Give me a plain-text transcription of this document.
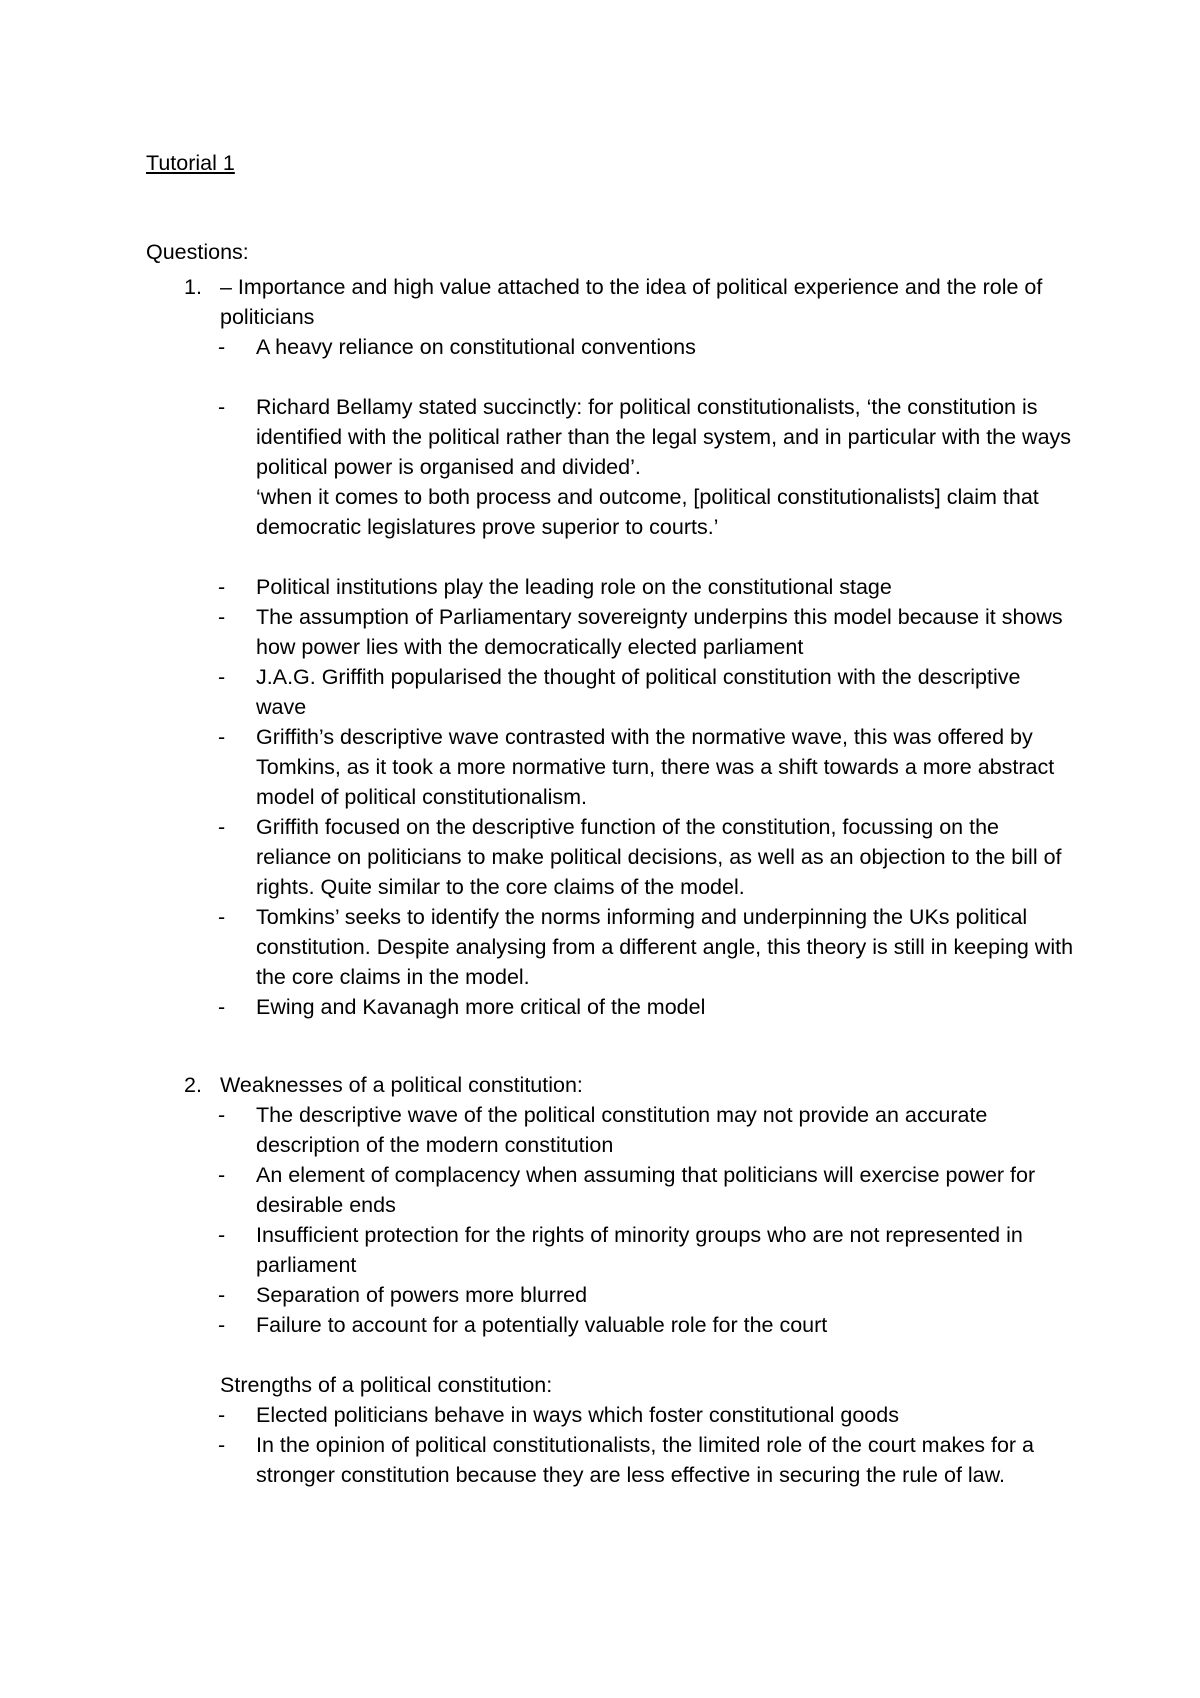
Tutorial 1

Questions:

1. – Importance and high value attached to the idea of political experience and the role of politicians
- A heavy reliance on constitutional conventions
- Richard Bellamy stated succinctly: for political constitutionalists, ‘the constitution is identified with the political rather than the legal system, and in particular with the ways political power is organised and divided’.
‘when it comes to both process and outcome, [political constitutionalists] claim that democratic legislatures prove superior to courts.’
- Political institutions play the leading role on the constitutional stage
- The assumption of Parliamentary sovereignty underpins this model because it shows how power lies with the democratically elected parliament
- J.A.G. Griffith popularised the thought of political constitution with the descriptive wave
- Griffith’s descriptive wave contrasted with the normative wave, this was offered by Tomkins, as it took a more normative turn, there was a shift towards a more abstract model of political constitutionalism.
- Griffith focused on the descriptive function of the constitution, focussing on the reliance on politicians to make political decisions, as well as an objection to the bill of rights. Quite similar to the core claims of the model.
- Tomkins’ seeks to identify the norms informing and underpinning the UKs political constitution. Despite analysing from a different angle, this theory is still in keeping with the core claims in the model.
- Ewing and Kavanagh more critical of the model
2. Weaknesses of a political constitution:
- The descriptive wave of the political constitution may not provide an accurate description of the modern constitution
- An element of complacency when assuming that politicians will exercise power for desirable ends
- Insufficient protection for the rights of minority groups who are not represented in parliament
- Separation of powers more blurred
- Failure to account for a potentially valuable role for the court
Strengths of a political constitution:
- Elected politicians behave in ways which foster constitutional goods
- In the opinion of political constitutionalists, the limited role of the court makes for a stronger constitution because they are less effective in securing the rule of law.
